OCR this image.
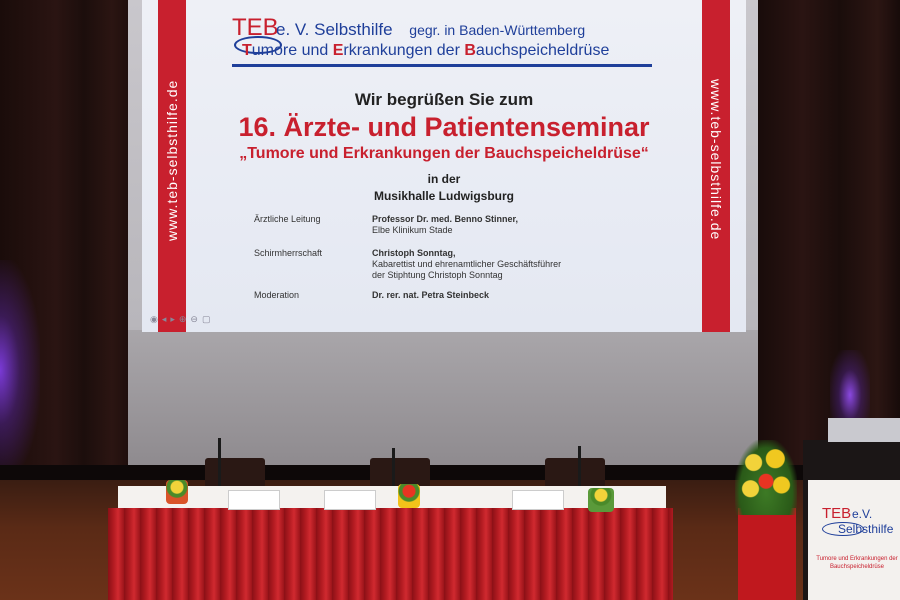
www.teb-selbsthilfe.de	www.teb-selbsthilfe.de
TEB
e. V. Selbsthilfe gegr. in Baden-Württemberg
Tumore und Erkrankungen der Bauchspeicheldrüse
Wir begrüßen Sie zum
16. Ärzte- und Patientenseminar
„Tumore und Erkrankungen der Bauchspeicheldrüse“
in der
Musikhalle Ludwigsburg
Ärztliche Leitung	Professor Dr. med. Benno Stinner,
Elbe Klinikum Stade
Schirmherrschaft	Christoph Sonntag,
Kabarettist und ehrenamtlicher Geschäftsführer
der Stiphtung Christoph Sonntag
Moderation	Dr. rer. nat. Petra Steinbeck
◉◂▸⊕⊖▢
TEB e.V.
Selbsthilfe
Tumore und Erkrankungen der Bauchspeicheldrüse
